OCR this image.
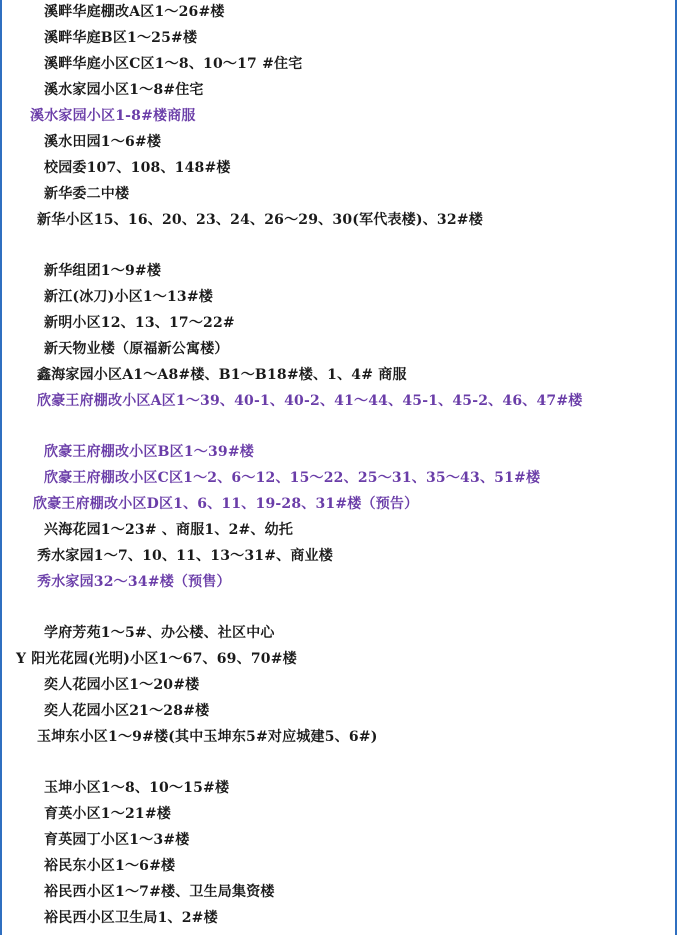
溪畔华庭棚改A区1～26#楼
溪畔华庭B区1～25#楼
溪畔华庭小区C区1～8、10～17 #住宅
溪水家园小区1～8#住宅
溪水家园小区1-8#楼商服
溪水田园1～6#楼
校园委107、108、148#楼
新华委二中楼
新华小区15、16、20、23、24、26～29、30(军代表楼)、32#楼
新华组团1～9#楼
新江(冰刀)小区1～13#楼
新明小区12、13、17～22#
新天物业楼（原福新公寓楼）
鑫海家园小区A1～A8#楼、B1～B18#楼、1、4# 商服
欣豪王府棚改小区A区1～39、40-1、40-2、41～44、45-1、45-2、46、47#楼
欣豪王府棚改小区B区1～39#楼
欣豪王府棚改小区C区1～2、6～12、15～22、25～31、35～43、51#楼
欣豪王府棚改小区D区1、6、11、19-28、31#楼（预告）
兴海花园1～23# 、商服1、2#、幼托
秀水家园1～7、10、11、13～31#、商业楼
秀水家园32～34#楼（预售）
学府芳苑1～5#、办公楼、社区中心
Y 阳光花园(光明)小区1～67、69、70#楼
奕人花园小区1～20#楼
奕人花园小区21～28#楼
玉坤东小区1～9#楼(其中玉坤东5#对应城建5、6#)
玉坤小区1～8、10～15#楼
育英小区1～21#楼
育英园丁小区1～3#楼
裕民东小区1～6#楼
裕民西小区1～7#楼、卫生局集资楼
裕民西小区卫生局1、2#楼
